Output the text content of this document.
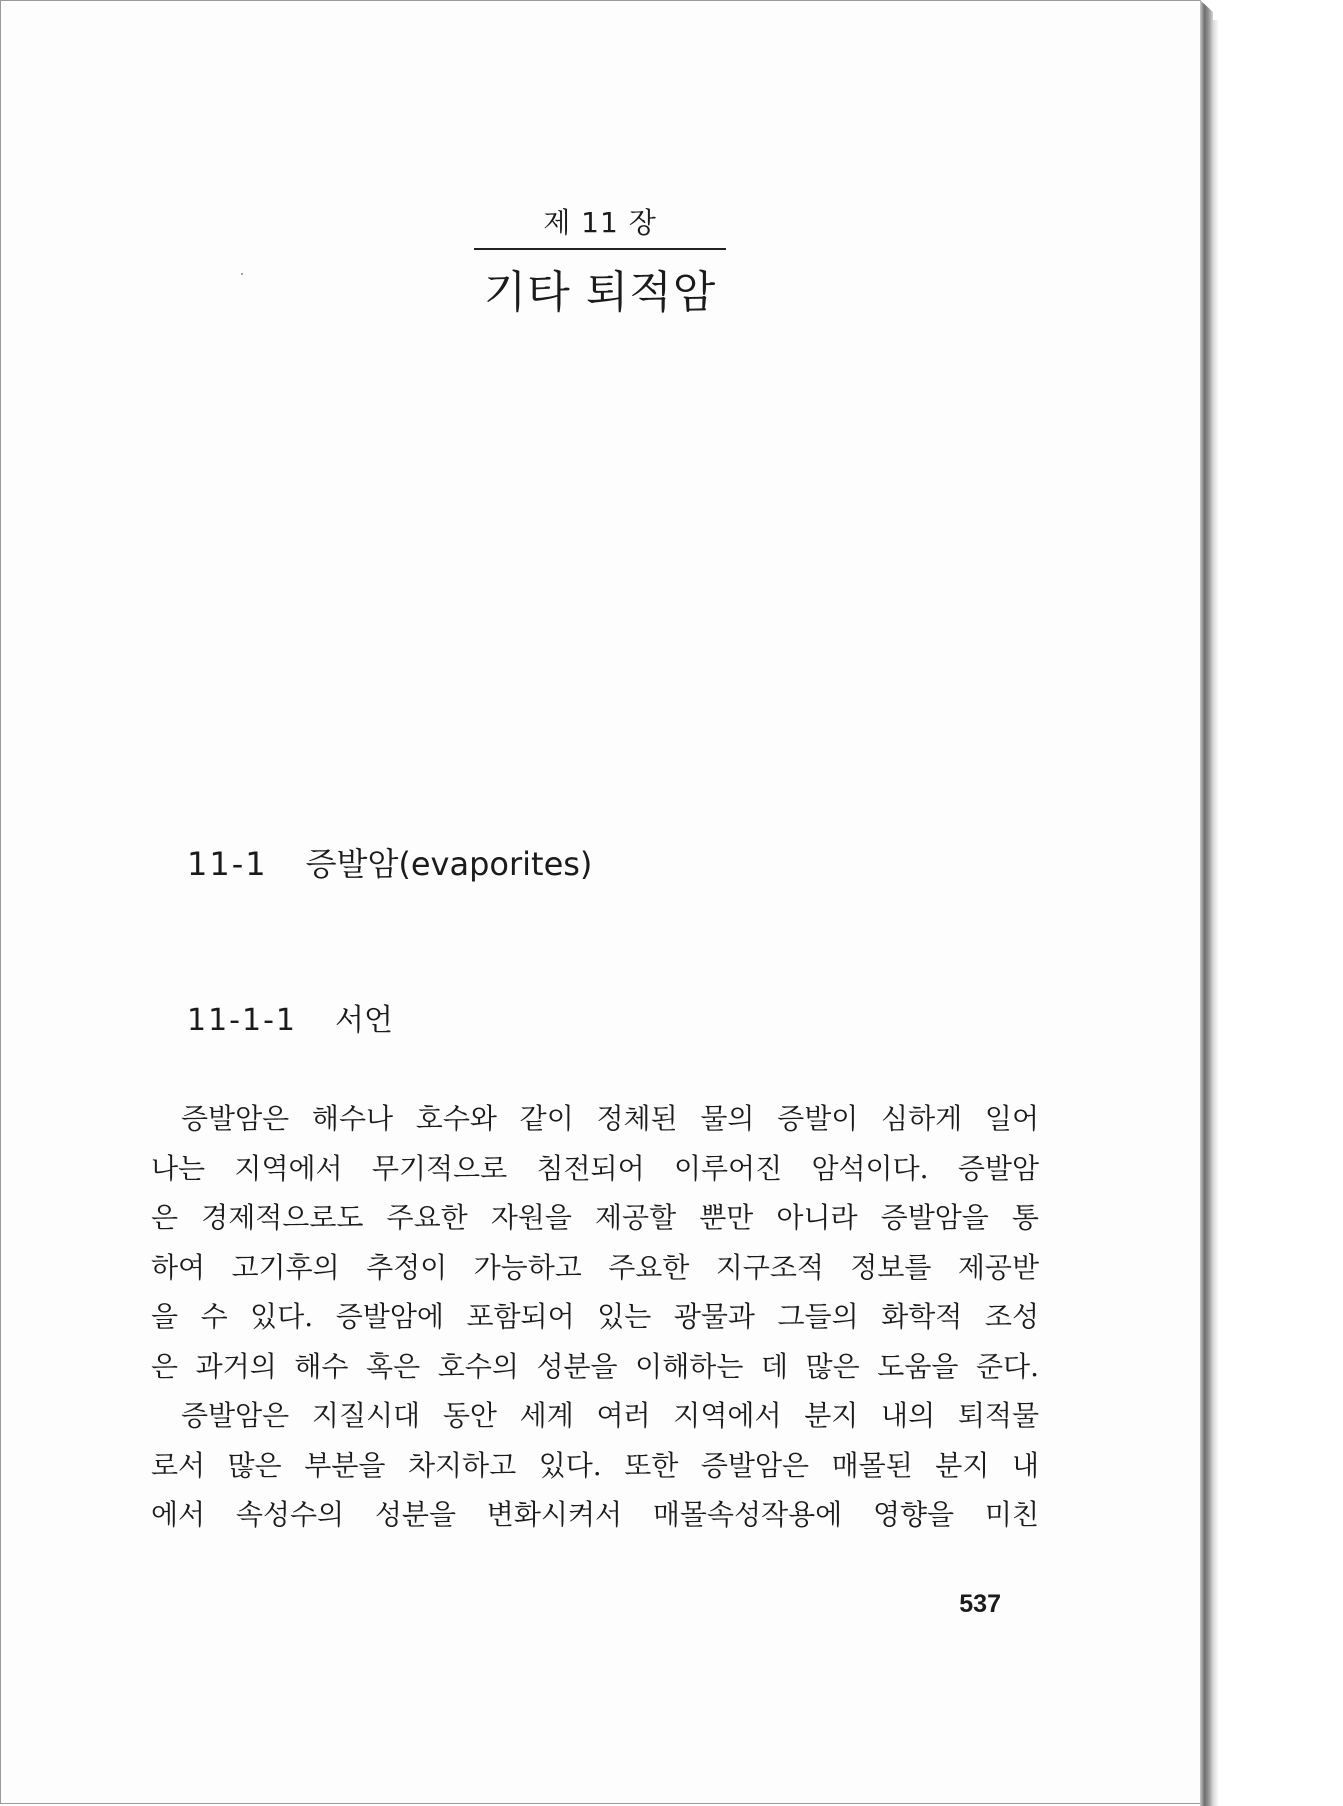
제 11 장
기타 퇴적암
11-1 증발암(evaporites)
11-1-1 서언
증발암은 해수나 호수와 같이 정체된 물의 증발이 심하게 일어
나는 지역에서 무기적으로 침전되어 이루어진 암석이다. 증발암
은 경제적으로도 주요한 자원을 제공할 뿐만 아니라 증발암을 통
하여 고기후의 추정이 가능하고 주요한 지구조적 정보를 제공받
을 수 있다. 증발암에 포함되어 있는 광물과 그들의 화학적 조성
은 과거의 해수 혹은 호수의 성분을 이해하는 데 많은 도움을 준다.
증발암은 지질시대 동안 세계 여러 지역에서 분지 내의 퇴적물
로서 많은 부분을 차지하고 있다. 또한 증발암은 매몰된 분지 내
에서 속성수의 성분을 변화시켜서 매몰속성작용에 영향을 미친
537
